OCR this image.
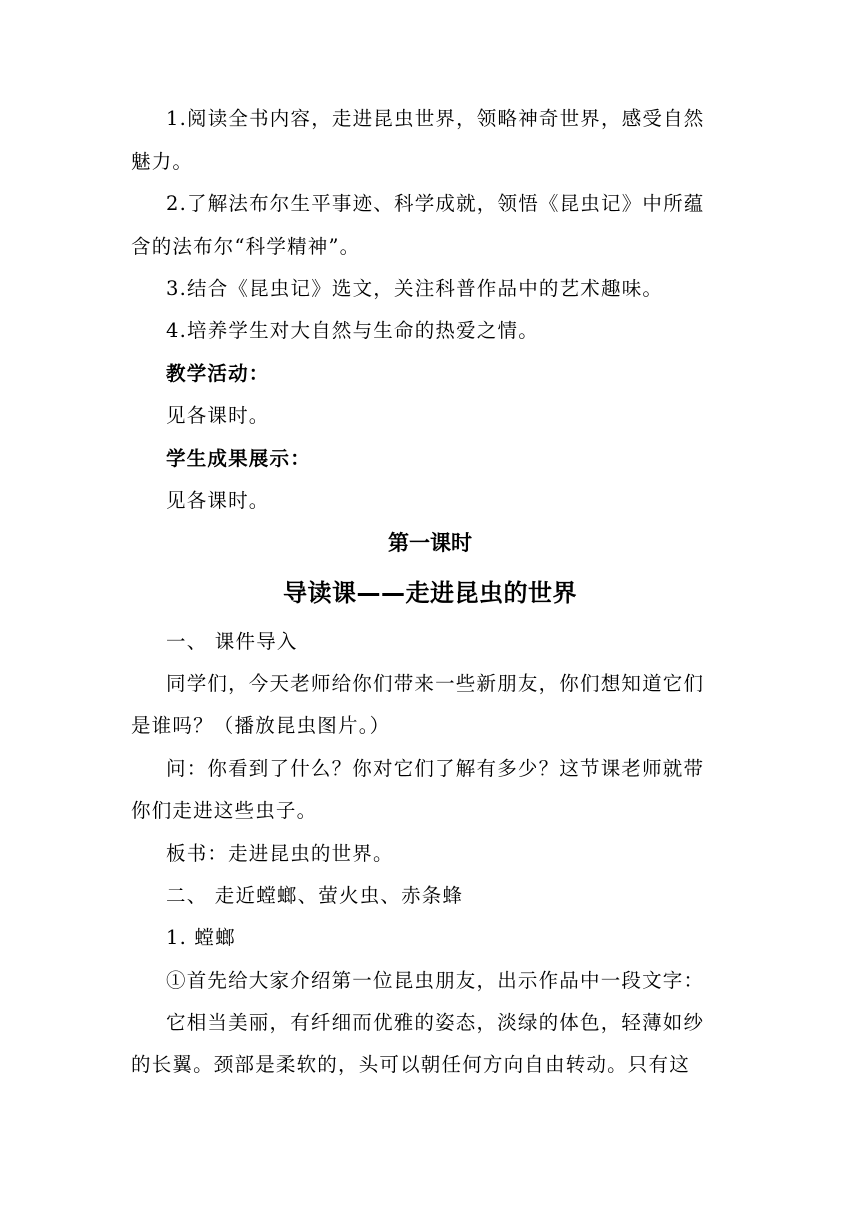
1.阅读全书内容，走进昆虫世界，领略神奇世界，感受自然
魅力。
2.了解法布尔生平事迹、科学成就，领悟《昆虫记》中所蕴
含的法布尔“科学精神”。
3.结合《昆虫记》选文，关注科普作品中的艺术趣味。
4.培养学生对大自然与生命的热爱之情。
教学活动：
见各课时。
学生成果展示：
见各课时。
第一课时
导读课——走进昆虫的世界
一、 课件导入
同学们，今天老师给你们带来一些新朋友，你们想知道它们
是谁吗？（播放昆虫图片。）
问：你看到了什么？你对它们了解有多少？这节课老师就带
你们走进这些虫子。
板书：走进昆虫的世界。
二、 走近螳螂、萤火虫、赤条蜂
1. 螳螂
①首先给大家介绍第一位昆虫朋友，出示作品中一段文字：
它相当美丽，有纤细而优雅的姿态，淡绿的体色，轻薄如纱
的长翼。颈部是柔软的，头可以朝任何方向自由转动。只有这
